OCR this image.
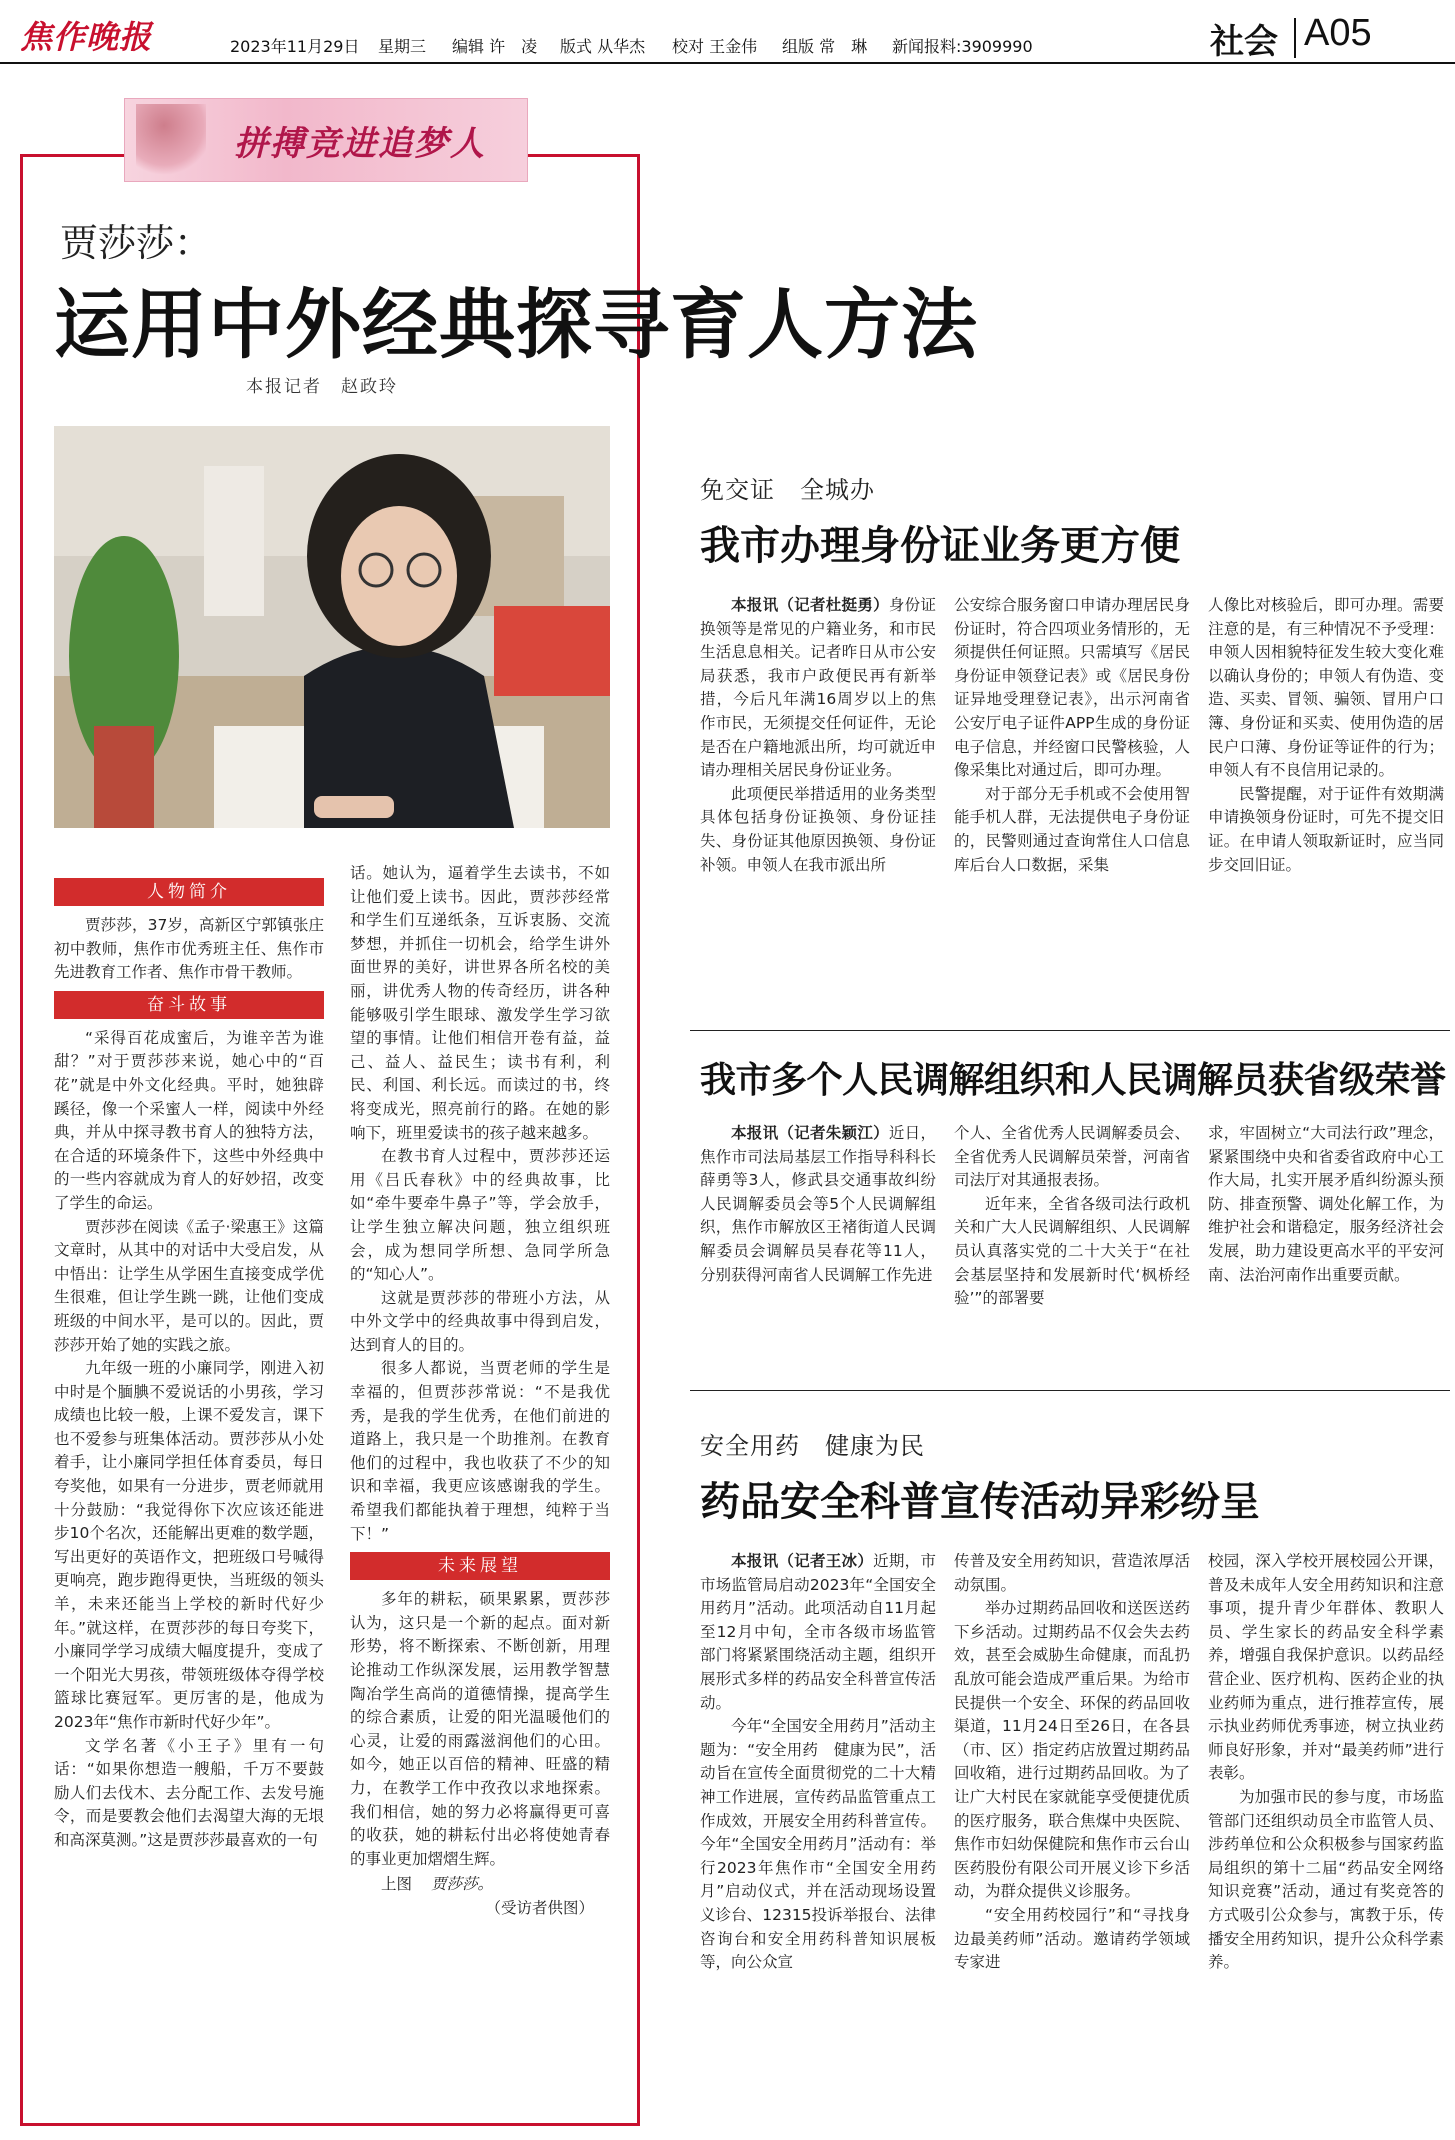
焦作晚报	2023年11月29日 星期三 编辑 许　凌 版式 从华杰 校对 王金伟 组版 常　琳 新闻报料:3909990	社会 A05
拼搏竞进追梦人
贾莎莎：
运用中外经典探寻育人方法
本报记者　赵政玲
人物简介

贾莎莎，37岁，高新区宁郭镇张庄初中教师，焦作市优秀班主任、焦作市先进教育工作者、焦作市骨干教师。

奋斗故事

“采得百花成蜜后，为谁辛苦为谁甜？”对于贾莎莎来说，她心中的“百花”就是中外文化经典。平时，她独辟蹊径，像一个采蜜人一样，阅读中外经典，并从中探寻教书育人的独特方法，在合适的环境条件下，这些中外经典中的一些内容就成为育人的好妙招，改变了学生的命运。

贾莎莎在阅读《孟子·梁惠王》这篇文章时，从其中的对话中大受启发，从中悟出：让学生从学困生直接变成学优生很难，但让学生跳一跳，让他们变成班级的中间水平，是可以的。因此，贾莎莎开始了她的实践之旅。

九年级一班的小廉同学，刚进入初中时是个腼腆不爱说话的小男孩，学习成绩也比较一般，上课不爱发言，课下也不爱参与班集体活动。贾莎莎从小处着手，让小廉同学担任体育委员，每日夸奖他，如果有一分进步，贾老师就用十分鼓励：“我觉得你下次应该还能进步10个名次，还能解出更难的数学题，写出更好的英语作文，把班级口号喊得更响亮，跑步跑得更快，当班级的领头羊，未来还能当上学校的新时代好少年。”就这样，在贾莎莎的每日夸奖下，小廉同学学习成绩大幅度提升，变成了一个阳光大男孩，带领班级体夺得学校篮球比赛冠军。更厉害的是，他成为2023年“焦作市新时代好少年”。

文学名著《小王子》里有一句话：“如果你想造一艘船，千万不要鼓励人们去伐木、去分配工作、去发号施令，而是要教会他们去渴望大海的无垠和高深莫测。”这是贾莎莎最喜欢的一句

话。她认为，逼着学生去读书，不如让他们爱上读书。因此，贾莎莎经常和学生们互递纸条，互诉衷肠、交流梦想，并抓住一切机会，给学生讲外面世界的美好，讲世界各所名校的美丽，讲优秀人物的传奇经历，讲各种能够吸引学生眼球、激发学生学习欲望的事情。让他们相信开卷有益，益己、益人、益民生；读书有利，利民、利国、利长远。而读过的书，终将变成光，照亮前行的路。在她的影响下，班里爱读书的孩子越来越多。

在教书育人过程中，贾莎莎还运用《吕氏春秋》中的经典故事，比如“牵牛要牵牛鼻子”等，学会放手，让学生独立解决问题，独立组织班会，成为想同学所想、急同学所急的“知心人”。

这就是贾莎莎的带班小方法，从中外文学中的经典故事中得到启发，达到育人的目的。

很多人都说，当贾老师的学生是幸福的，但贾莎莎常说：“不是我优秀，是我的学生优秀，在他们前进的道路上，我只是一个助推剂。在教育他们的过程中，我也收获了不少的知识和幸福，我更应该感谢我的学生。希望我们都能执着于理想，纯粹于当下！”

未来展望

多年的耕耘，硕果累累，贾莎莎认为，这只是一个新的起点。面对新形势，将不断探索、不断创新，用理论推动工作纵深发展，运用教学智慧陶冶学生高尚的道德情操，提高学生的综合素质，让爱的阳光温暖他们的心灵，让爱的雨露滋润他们的心田。如今，她正以百倍的精神、旺盛的精力，在教学工作中孜孜以求地探索。我们相信，她的努力必将赢得更可喜的收获，她的耕耘付出必将使她青春的事业更加熠熠生辉。

上图 贾莎莎。
（受访者供图）
免交证　全城办
我市办理身份证业务更方便

本报讯（记者杜挺勇）身份证换领等是常见的户籍业务，和市民生活息息相关。记者昨日从市公安局获悉，我市户政便民再有新举措，今后凡年满16周岁以上的焦作市民，无须提交任何证件，无论是否在户籍地派出所，均可就近申请办理相关居民身份证业务。

此项便民举措适用的业务类型具体包括身份证换领、身份证挂失、身份证其他原因换领、身份证补领。申领人在我市派出所

公安综合服务窗口申请办理居民身份证时，符合四项业务情形的，无须提供任何证照。只需填写《居民身份证申领登记表》或《居民身份证异地受理登记表》，出示河南省公安厅电子证件APP生成的身份证电子信息，并经窗口民警核验，人像采集比对通过后，即可办理。

对于部分无手机或不会使用智能手机人群，无法提供电子身份证的，民警则通过查询常住人口信息库后台人口数据，采集

人像比对核验后，即可办理。需要注意的是，有三种情况不予受理：申领人因相貌特征发生较大变化难以确认身份的；申领人有伪造、变造、买卖、冒领、骗领、冒用户口簿、身份证和买卖、使用伪造的居民户口薄、身份证等证件的行为；申领人有不良信用记录的。

民警提醒，对于证件有效期满申请换领身份证时，可先不提交旧证。在申请人领取新证时，应当同步交回旧证。

我市多个人民调解组织和人民调解员获省级荣誉

本报讯（记者朱颖江）近日，焦作市司法局基层工作指导科科长薛勇等3人，修武县交通事故纠纷人民调解委员会等5个人民调解组织，焦作市解放区王褚街道人民调解委员会调解员吴春花等11人，分别获得河南省人民调解工作先进

个人、全省优秀人民调解委员会、全省优秀人民调解员荣誉，河南省司法厅对其通报表扬。

近年来，全省各级司法行政机关和广大人民调解组织、人民调解员认真落实党的二十大关于“在社会基层坚持和发展新时代‘枫桥经验’”的部署要

求，牢固树立“大司法行政”理念，紧紧围绕中央和省委省政府中心工作大局，扎实开展矛盾纠纷源头预防、排查预警、调处化解工作，为维护社会和谐稳定，服务经济社会发展，助力建设更高水平的平安河南、法治河南作出重要贡献。

安全用药　健康为民
药品安全科普宣传活动异彩纷呈

本报讯（记者王冰）近期，市市场监管局启动2023年“全国安全用药月”活动。此项活动自11月起至12月中旬，全市各级市场监管部门将紧紧围绕活动主题，组织开展形式多样的药品安全科普宣传活动。

今年“全国安全用药月”活动主题为：“安全用药　健康为民”，活动旨在宣传全面贯彻党的二十大精神工作进展，宣传药品监管重点工作成效，开展安全用药科普宣传。今年“全国安全用药月”活动有：举行2023年焦作市“全国安全用药月”启动仪式，并在活动现场设置义诊台、12315投诉举报台、法律咨询台和安全用药科普知识展板等，向公众宣

传普及安全用药知识，营造浓厚活动氛围。

举办过期药品回收和送医送药下乡活动。过期药品不仅会失去药效，甚至会威胁生命健康，而乱扔乱放可能会造成严重后果。为给市民提供一个安全、环保的药品回收渠道，11月24日至26日，在各县（市、区）指定药店放置过期药品回收箱，进行过期药品回收。为了让广大村民在家就能享受便捷优质的医疗服务，联合焦煤中央医院、焦作市妇幼保健院和焦作市云台山医药股份有限公司开展义诊下乡活动，为群众提供义诊服务。

“安全用药校园行”和“寻找身边最美药师”活动。邀请药学领域专家进

校园，深入学校开展校园公开课，普及未成年人安全用药知识和注意事项，提升青少年群体、教职人员、学生家长的药品安全科学素养，增强自我保护意识。以药品经营企业、医疗机构、医药企业的执业药师为重点，进行推荐宣传，展示执业药师优秀事迹，树立执业药师良好形象，并对“最美药师”进行表彰。

为加强市民的参与度，市场监管部门还组织动员全市监管人员、涉药单位和公众积极参与国家药监局组织的第十二届“药品安全网络知识竞赛”活动，通过有奖竞答的方式吸引公众参与，寓教于乐，传播安全用药知识，提升公众科学素养。
